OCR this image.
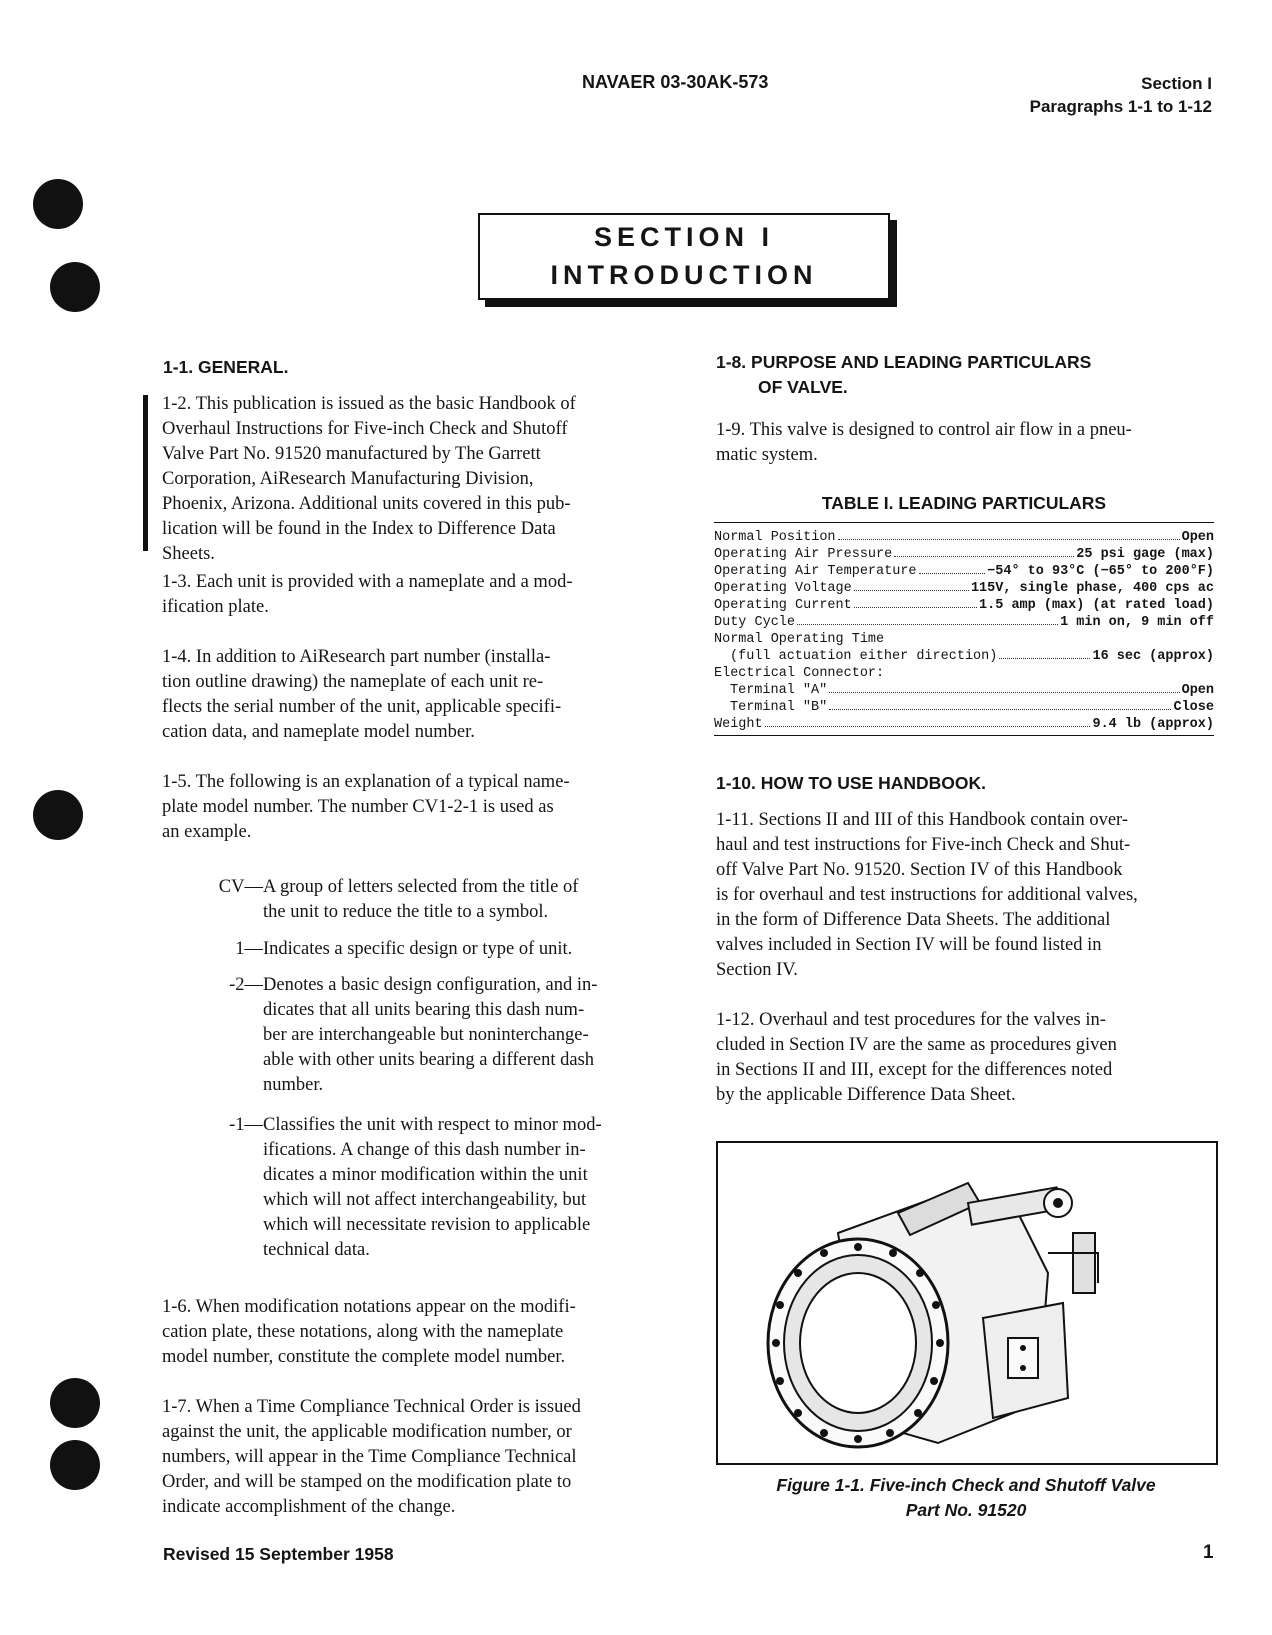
NAVAER 03-30AK-573	Section I
Paragraphs 1-1 to 1-12
SECTION I
INTRODUCTION
1-1. GENERAL.
1-2. This publication is issued as the basic Handbook of
Overhaul Instructions for Five-inch Check and Shutoff
Valve Part No. 91520 manufactured by The Garrett
Corporation, AiResearch Manufacturing Division,
Phoenix, Arizona. Additional units covered in this pub-
lication will be found in the Index to Difference Data
Sheets.
1-3. Each unit is provided with a nameplate and a mod-
ification plate.
1-4. In addition to AiResearch part number (installa-
tion outline drawing) the nameplate of each unit re-
flects the serial number of the unit, applicable specifi-
cation data, and nameplate model number.
1-5. The following is an explanation of a typical name-
plate model number. The number CV1-2-1 is used as
an example.
CV— A group of letters selected from the title of
the unit to reduce the title to a symbol.
1— Indicates a specific design or type of unit.
-2— Denotes a basic design configuration, and in-
dicates that all units bearing this dash num-
ber are interchangeable but noninterchange-
able with other units bearing a different dash
number.
-1— Classifies the unit with respect to minor mod-
ifications. A change of this dash number in-
dicates a minor modification within the unit
which will not affect interchangeability, but
which will necessitate revision to applicable
technical data.
1-6. When modification notations appear on the modifi-
cation plate, these notations, along with the nameplate
model number, constitute the complete model number.
1-7. When a Time Compliance Technical Order is issued
against the unit, the applicable modification number, or
numbers, will appear in the Time Compliance Technical
Order, and will be stamped on the modification plate to
indicate accomplishment of the change.
1-8. PURPOSE AND LEADING PARTICULARS
OF VALVE.
1-9. This valve is designed to control air flow in a pneu-
matic system.
TABLE I. LEADING PARTICULARS
Normal Position	Open
Operating Air Pressure	25 psi gage (max)
Operating Air Temperature	−54° to 93°C (−65° to 200°F)
Operating Voltage	115V, single phase, 400 cps ac
Operating Current	1.5 amp (max) (at rated load)
Duty Cycle	1 min on, 9 min off
Normal Operating Time
(full actuation either direction)	16 sec (approx)
Electrical Connector:
Terminal "A"	Open
Terminal "B"	Close
Weight	9.4 lb (approx)
1-10. HOW TO USE HANDBOOK.
1-11. Sections II and III of this Handbook contain over-
haul and test instructions for Five-inch Check and Shut-
off Valve Part No. 91520. Section IV of this Handbook
is for overhaul and test instructions for additional valves,
in the form of Difference Data Sheets. The additional
valves included in Section IV will be found listed in
Section IV.
1-12. Overhaul and test procedures for the valves in-
cluded in Section IV are the same as procedures given
in Sections II and III, except for the differences noted
by the applicable Difference Data Sheet.
Figure 1-1. Five-inch Check and Shutoff Valve
Part No. 91520
Revised 15 September 1958	1
